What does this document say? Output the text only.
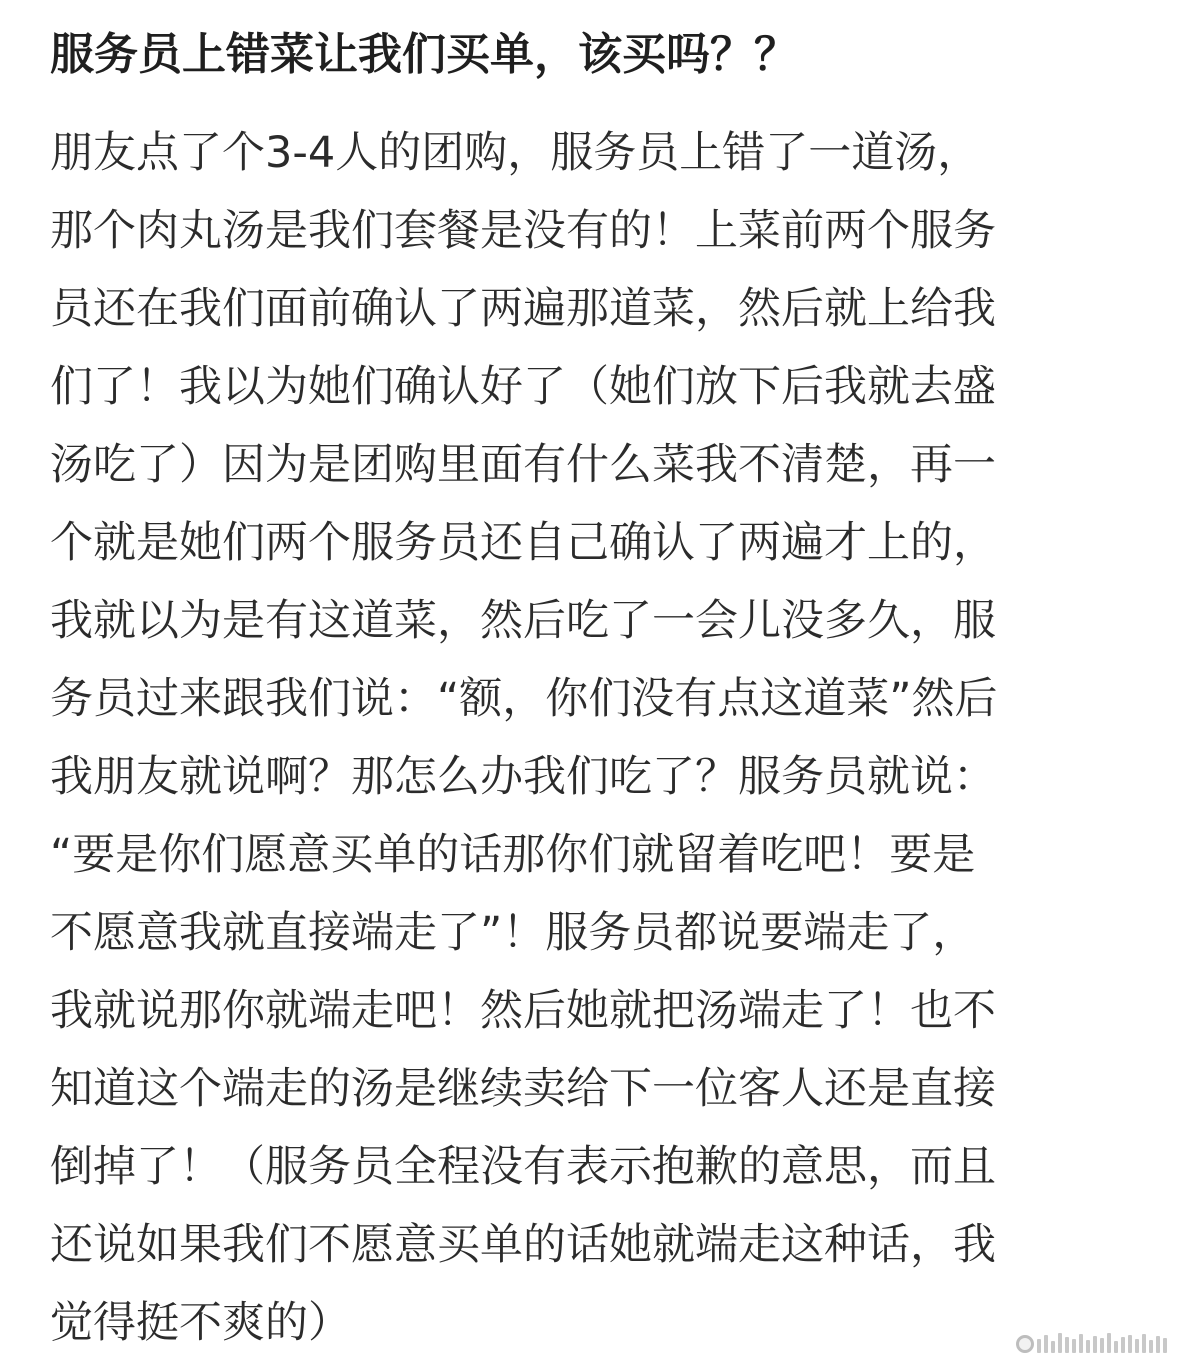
服务员上错菜让我们买单，该买吗？？
朋友点了个3-4人的团购，服务员上错了一道汤，
那个肉丸汤是我们套餐是没有的！上菜前两个服务
员还在我们面前确认了两遍那道菜，然后就上给我
们了！我以为她们确认好了（她们放下后我就去盛
汤吃了）因为是团购里面有什么菜我不清楚，再一
个就是她们两个服务员还自己确认了两遍才上的，
我就以为是有这道菜，然后吃了一会儿没多久，服
务员过来跟我们说：“额，你们没有点这道菜”然后
我朋友就说啊？那怎么办我们吃了？服务员就说：
“要是你们愿意买单的话那你们就留着吃吧！要是
不愿意我就直接端走了”！服务员都说要端走了，
我就说那你就端走吧！然后她就把汤端走了！也不
知道这个端走的汤是继续卖给下一位客人还是直接
倒掉了！（服务员全程没有表示抱歉的意思，而且
还说如果我们不愿意买单的话她就端走这种话，我
觉得挺不爽的）
